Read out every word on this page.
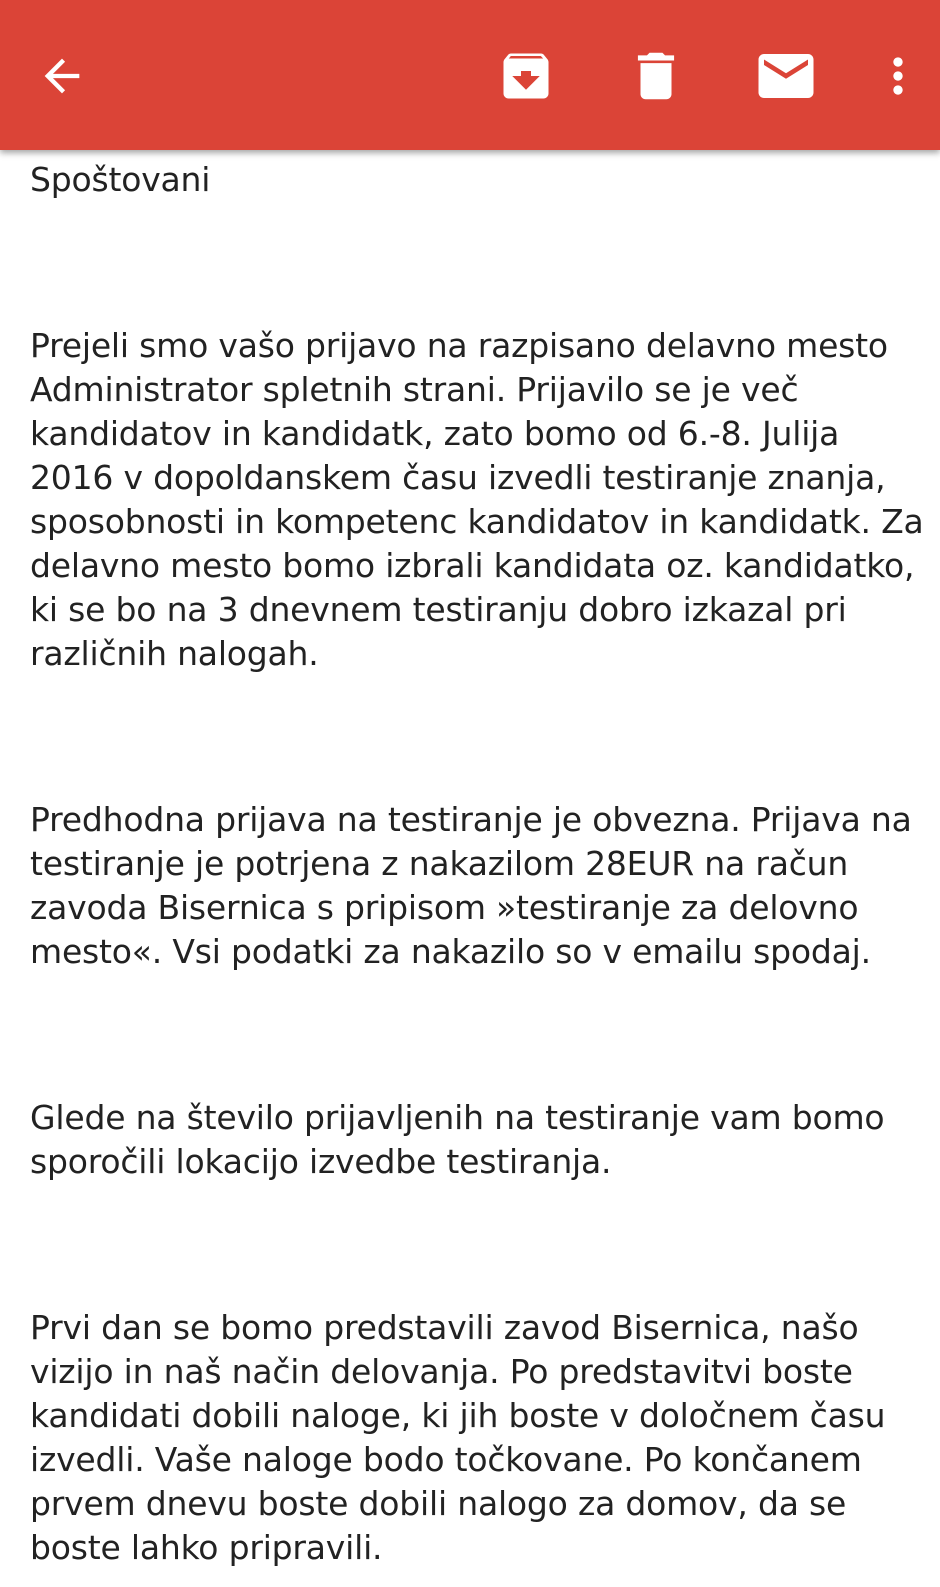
Spoštovani

Prejeli smo vašo prijavo na razpisano delavno mesto Administrator spletnih strani. Prijavilo se je več kandidatov in kandidatk, zato bomo od 6.-8. Julija 2016 v dopoldanskem času izvedli testiranje znanja, sposobnosti in kompetenc kandidatov in kandidatk. Za delavno mesto bomo izbrali kandidata oz. kandidatko, ki se bo na 3 dnevnem testiranju dobro izkazal pri različnih nalogah.

Predhodna prijava na testiranje je obvezna. Prijava na testiranje je potrjena z nakazilom 28EUR na račun zavoda Bisernica s pripisom »testiranje za delovno mesto«. Vsi podatki za nakazilo so v emailu spodaj.

Glede na število prijavljenih na testiranje vam bomo sporočili lokacijo izvedbe testiranja.

Prvi dan se bomo predstavili zavod Bisernica, našo vizijo in naš način delovanja. Po predstavitvi boste kandidati dobili naloge, ki jih boste v določnem času izvedli. Vaše naloge bodo točkovane. Po končanem prvem dnevu boste dobili nalogo za domov, da se boste lahko pripravili.
